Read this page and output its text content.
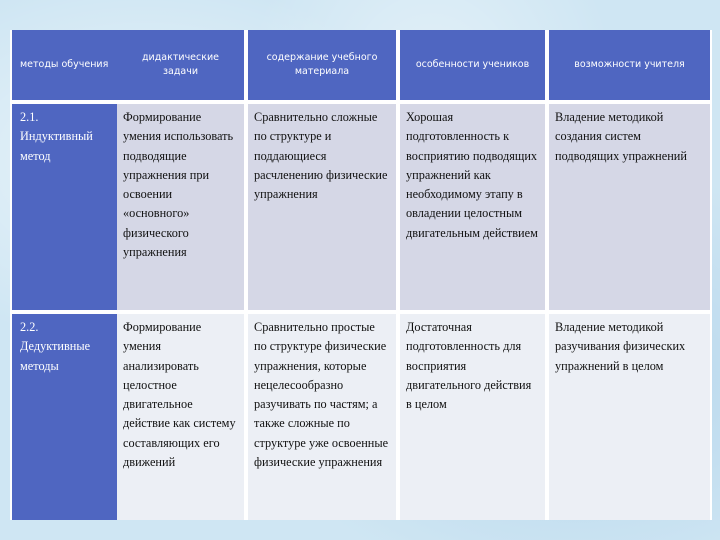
методы обучения
дидактические задачи
содержание учебного материала
особенности учеников	возможности учителя
2.1. Индуктивный метод
Формирование умения использовать подводящие упражнения при освоении «основного» физического упражнения
Сравнительно сложные по структуре и поддающиеся расчленению физические упражнения
Хорошая подготовленность к восприятию подводящих упражнений как необходимому этапу в овладении целостным двигательным действием
Владение методикой создания систем подводящих упражнений
2.2. Дедуктивные методы
Формирование умения анализировать целостное двигательное действие как систему составляющих его движений
Сравнительно простые по структуре физические упражнения, которые нецелесообразно разучивать по частям; а также сложные по структуре уже освоенные физические упражнения
Достаточная подготовленность для восприятия двигательного действия в целом
Владение методикой разучивания физических упражнений в целом
